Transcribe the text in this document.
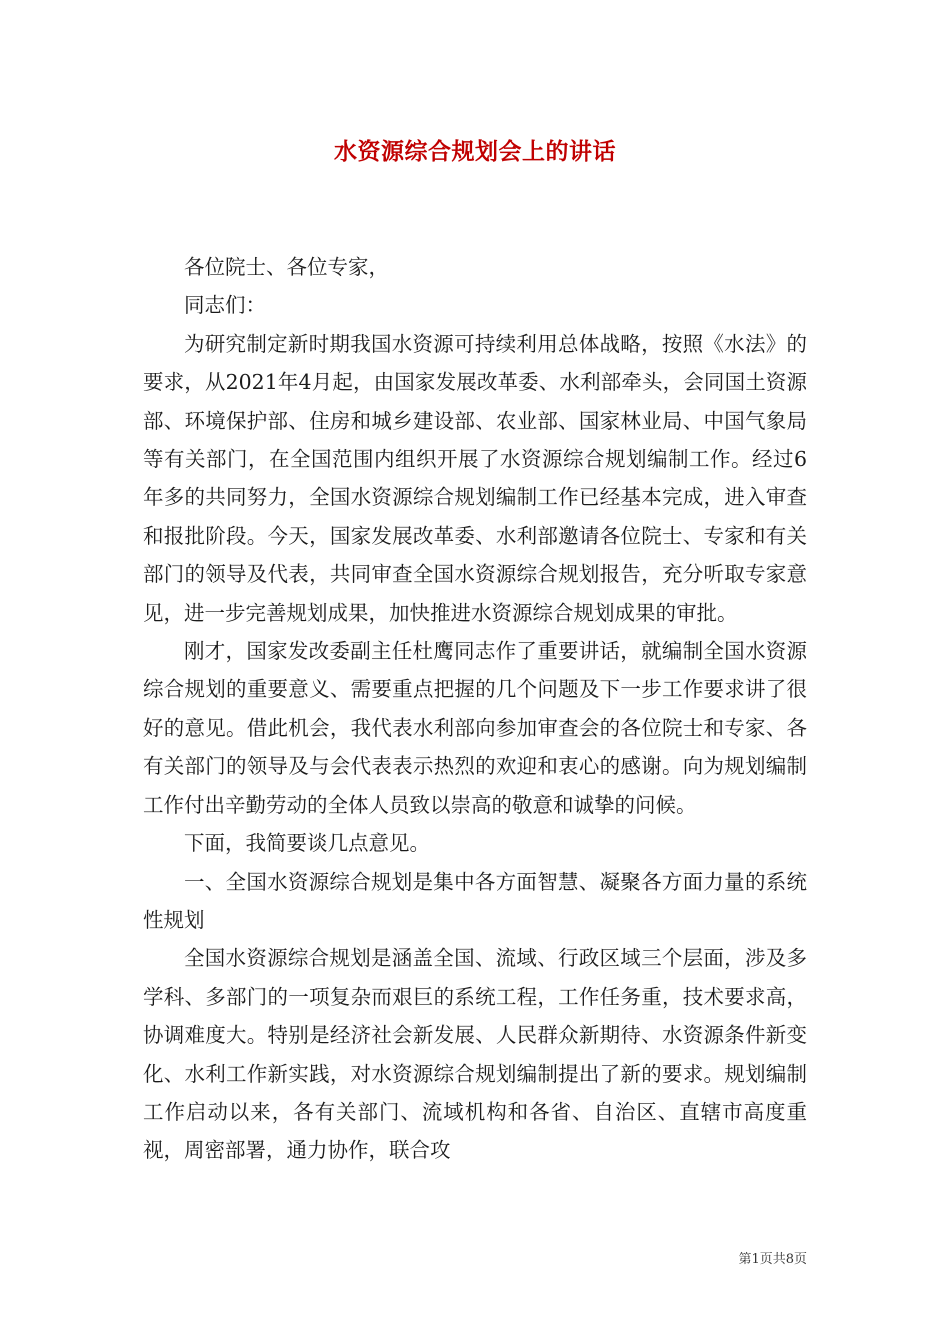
水资源综合规划会上的讲话

各位院士、各位专家，

同志们：

为研究制定新时期我国水资源可持续利用总体战略，按照《水法》的要求，从2021年4月起，由国家发展改革委、水利部牵头，会同国土资源部、环境保护部、住房和城乡建设部、农业部、国家林业局、中国气象局等有关部门，在全国范围内组织开展了水资源综合规划编制工作。经过6年多的共同努力，全国水资源综合规划编制工作已经基本完成，进入审查和报批阶段。今天，国家发展改革委、水利部邀请各位院士、专家和有关部门的领导及代表，共同审查全国水资源综合规划报告，充分听取专家意见，进一步完善规划成果，加快推进水资源综合规划成果的审批。

刚才，国家发改委副主任杜鹰同志作了重要讲话，就编制全国水资源综合规划的重要意义、需要重点把握的几个问题及下一步工作要求讲了很好的意见。借此机会，我代表水利部向参加审查会的各位院士和专家、各有关部门的领导及与会代表表示热烈的欢迎和衷心的感谢。向为规划编制工作付出辛勤劳动的全体人员致以崇高的敬意和诚挚的问候。

下面，我简要谈几点意见。

一、全国水资源综合规划是集中各方面智慧、凝聚各方面力量的系统性规划

全国水资源综合规划是涵盖全国、流域、行政区域三个层面，涉及多学科、多部门的一项复杂而艰巨的系统工程，工作任务重，技术要求高，协调难度大。特别是经济社会新发展、人民群众新期待、水资源条件新变化、水利工作新实践，对水资源综合规划编制提出了新的要求。规划编制工作启动以来，各有关部门、流域机构和各省、自治区、直辖市高度重视，周密部署，通力协作，联合攻

第1页共8页
